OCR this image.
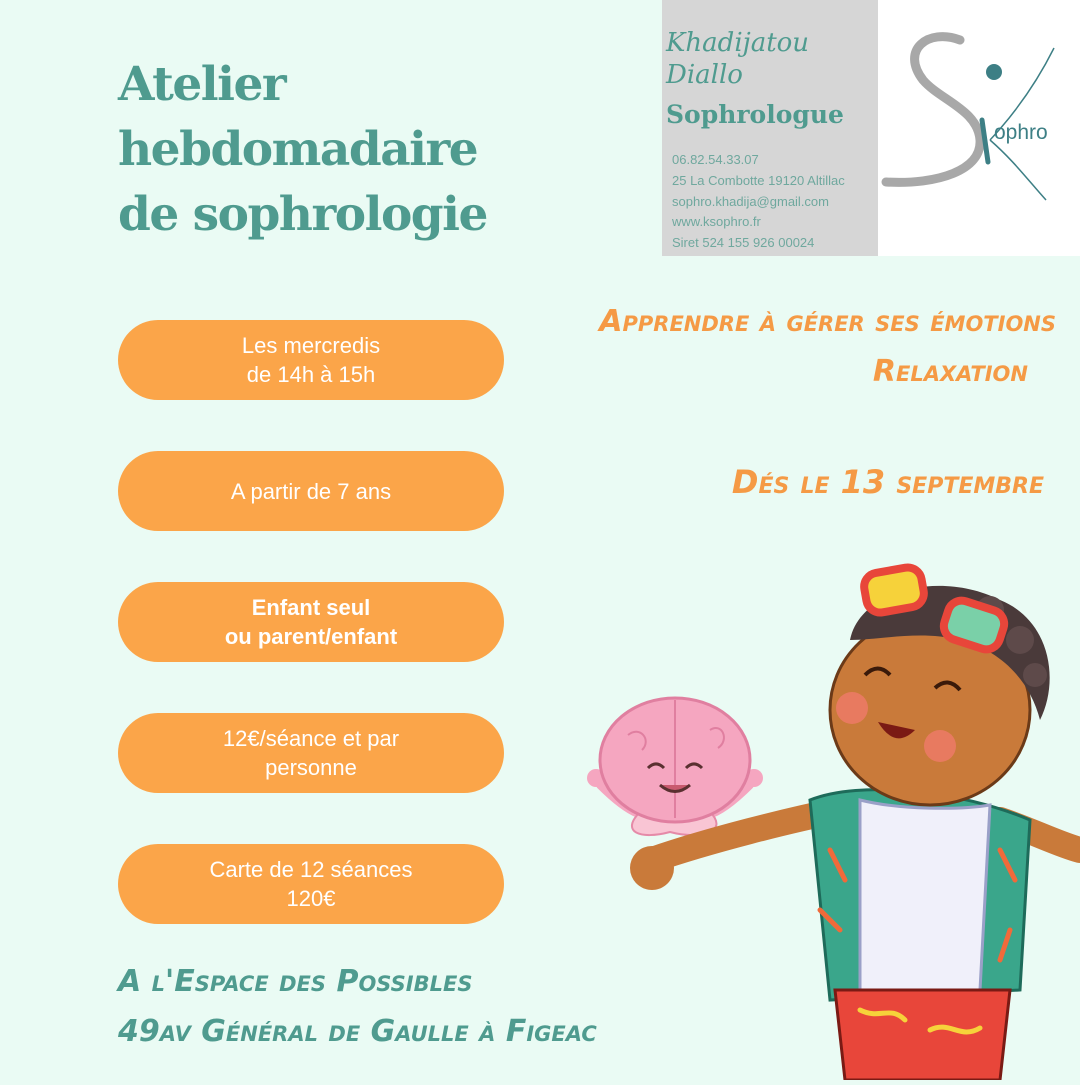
Atelier
hebdomadaire
de sophrologie
Khadijatou
Diallo
Sophrologue
06.82.54.33.07
25 La Combotte 19120 Altillac
sophro.khadija@gmail.com
www.ksophro.fr
Siret 524 155 926 00024
ophro
Les mercredis
de 14h à 15h
A partir de 7 ans
Enfant seul
ou parent/enfant
12€/séance et par
personne
Carte de 12 séances
120€
Apprendre à gérer ses émotions
Relaxation
Dés le 13 septembre
A l'Espace des Possibles
49av Général de Gaulle à Figeac
